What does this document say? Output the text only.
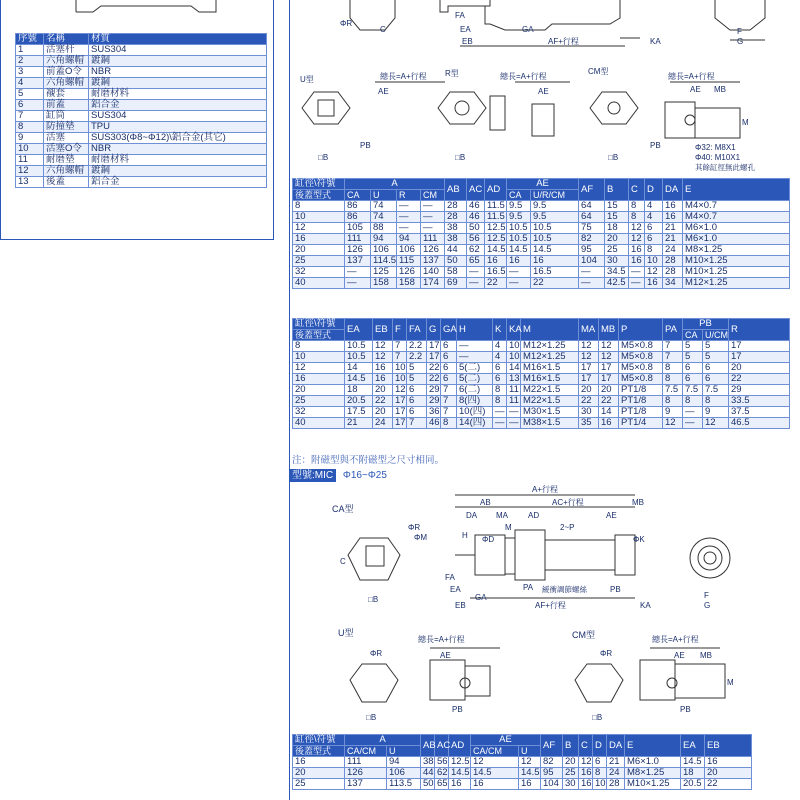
序號	名稱	材質
1	活塞杆	SUS304
2	六角螺帽	鍍鋼
3	前蓋O令	NBR
4	六角螺帽	鍍鋼
5	襯套	耐磨材料
6	前蓋	鋁合金
7	缸筒	SUS304
8	防撞墊	TPU
9	活塞	SUS303(Φ8~Φ12)\鋁合金(其它)
10	活塞O令	NBR
11	耐磨墊	耐磨材料
12	六角螺帽	鍍鋼
13	後蓋	鋁合金
ΦR
C
FA
EA
EB
GA
AF+行程	KA
F
G
U型	總長=A+行程 R型	總長=A+行程
CM型
總長=A+行程
AE	AE	AE MB
M
PB	PB
□B	□B	□B
Φ32: M8X1
Φ40: M10X1
其餘缸徑無此螺孔
缸徑\符號	A				AB	AC	AD	AE		AF	B	C	D	DA	E
後蓋型式	CA	U	R	CM				CA	U/R/CM						
8	86	74	—	—	28	46	11.5	9.5	9.5	64	15	8	4	16	M4×0.7
10	86	74	—	—	28	46	11.5	9.5	9.5	64	15	8	4	16	M4×0.7
12	105	88	—	—	38	50	12.5	10.5	10.5	75	18	12	6	21	M6×1.0
16	111	94	94	111	38	56	12.5	10.5	10.5	82	20	12	6	21	M6×1.0
20	126	106	106	126	44	62	14.5	14.5	14.5	95	25	16	8	24	M8×1.25
25	137	114.5	115	137	50	65	16	16	16	104	30	16	10	28	M10×1.25
32	—	125	126	140	58	—	16.5	—	16.5	—	34.5	—	12	28	M10×1.25
40	—	158	158	174	69	—	22	—	22	—	42.5	—	16	34	M12×1.25
缸徑\符號	EA	EB	F	FA	G	GA	H	K	KA	M	MA	MB	P	PA	PB		R
後蓋型式															CA	U/CM	
8	10.5	12	7	2.2	17	6	—	4	10	M12×1.25	12	12	M5×0.8	7	5	5	17
10	10.5	12	7	2.2	17	6	—	4	10	M12×1.25	12	12	M5×0.8	7	5	5	17
12	14	16	10	5	22	6	5(二)	6	14	M16×1.5	17	17	M5×0.8	8	6	6	20
16	14.5	16	10	5	22	6	5(二)	6	13	M16×1.5	17	17	M5×0.8	8	6	6	22
20	18	20	12	6	29	7	6(二)	8	11	M22×1.5	20	20	PT1/8	7.5	7.5	7.5	29
25	20.5	22	17	6	29	7	8(四)	8	11	M22×1.5	22	22	PT1/8	8	8	8	33.5
32	17.5	20	17	6	36	7	10(四)	—	—	M30×1.5	30	14	PT1/8	9	—	9	37.5
40	21	24	17	7	46	8	14(四)	—	—	M38×1.5	35	16	PT1/4	12	—	12	46.5
注：附磁型與不附磁型之尺寸相同。
型號:MIC Φ16~Φ25
A+行程
AB	AC+行程	MB
DA MA	AD	AE
M	2~P
CA型
ΦR
ΦM	H ΦD	ΦK
C
FA
PA 緩衝調節螺絲	PB
EA
GA
EB	AF+行程	KA
□B	F
G
U型	CM型
總長=A+行程	總長=A+行程
ΦR	ΦR
AE	AE MB
M
PB	PB
□B	□B
缸徑\符號	A		AB	AC	AD	AE		AF	B	C	D	DA	E	EA	EB
後蓋型式	CA/CM	U				CA/CM	U								
16	111	94	38	56	12.5	12	12	82	20	12	6	21	M6×1.0	14.5	16
20	126	106	44	62	14.5	14.5	14.5	95	25	16	8	24	M8×1.25	18	20
25	137	113.5	50	65	16	16	16	104	30	16	10	28	M10×1.25	20.5	22
